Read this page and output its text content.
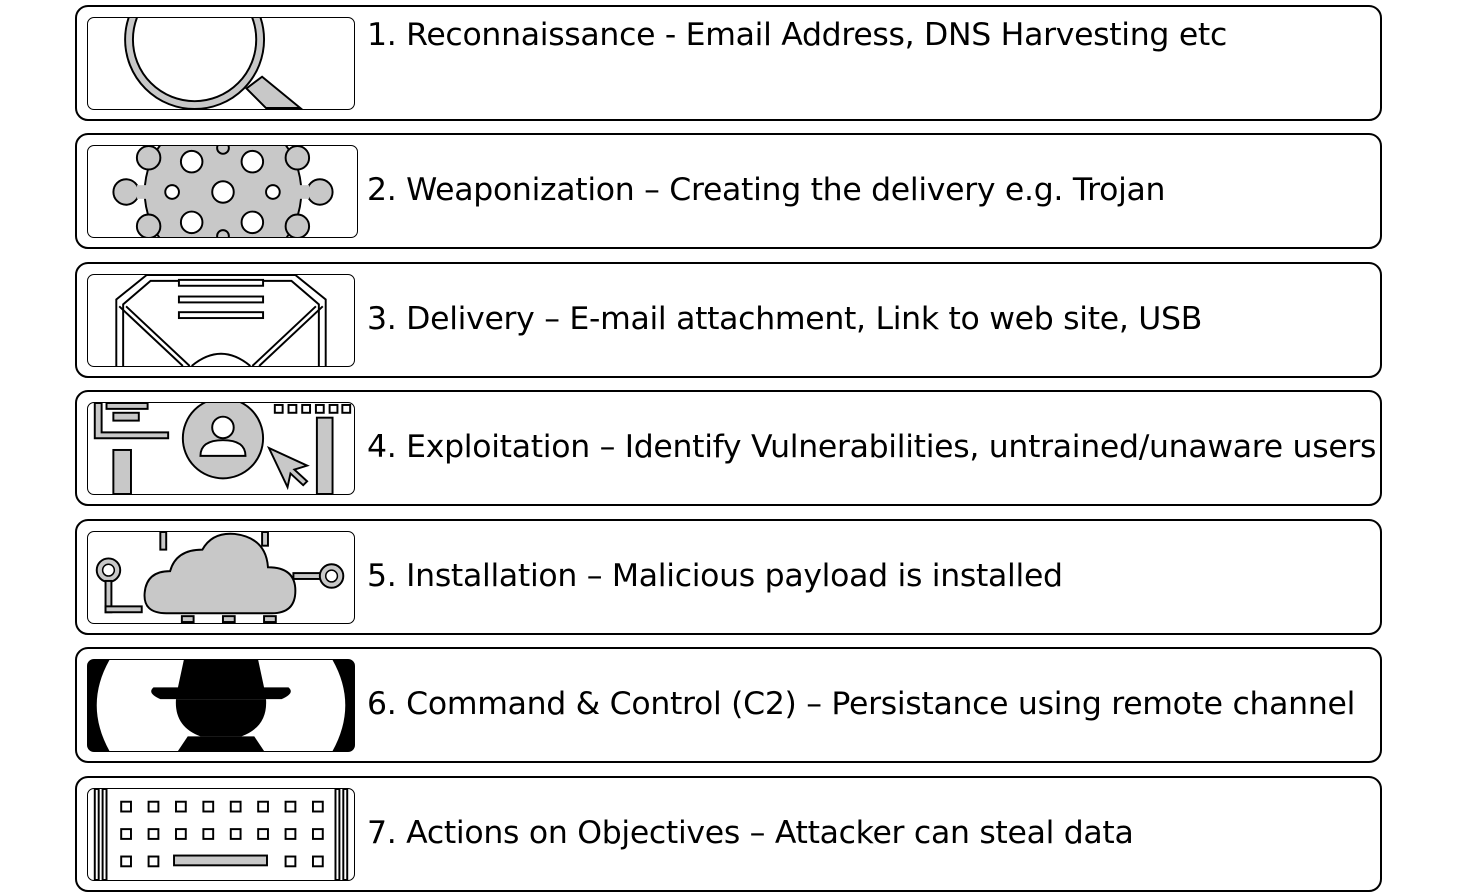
1. Reconnaissance - Email Address, DNS Harvesting etc
2. Weaponization – Creating the delivery e.g. Trojan
3. Delivery – E-mail attachment, Link to web site, USB
4. Exploitation – Identify Vulnerabilities, untrained/unaware users
5. Installation – Malicious payload is installed
6. Command & Control (C2) – Persistance using remote channel
7. Actions on Objectives – Attacker can steal data
